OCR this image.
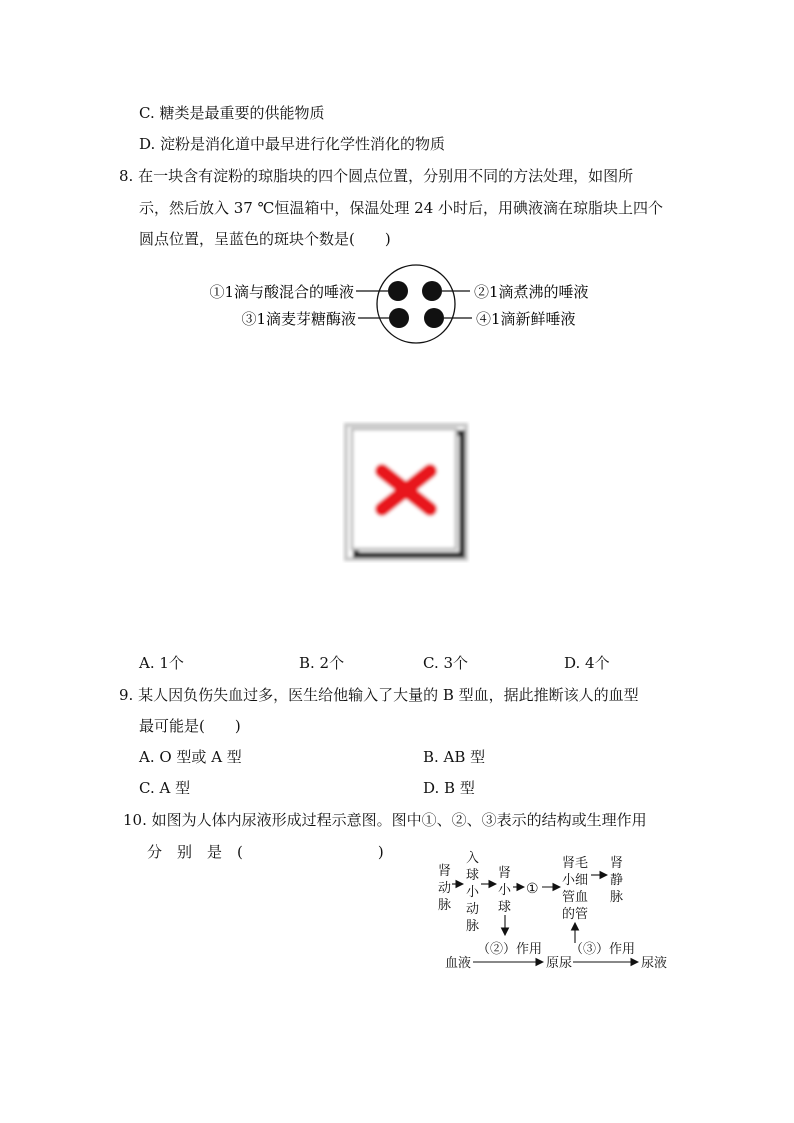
C. 糖类是最重要的供能物质
D. 淀粉是消化道中最早进行化学性消化的物质
8. 在一块含有淀粉的琼脂块的四个圆点位置，分别用不同的方法处理，如图所
示，然后放入 37 ℃恒温箱中，保温处理 24 小时后，用碘液滴在琼脂块上四个
圆点位置，呈蓝色的斑块个数是(　　)
①1滴与酸混合的唾液	②1滴煮沸的唾液
③1滴麦芽糖酶液	④1滴新鲜唾液
A. 1个	B. 2个	C. 3个	D. 4个
9. 某人因负伤失血过多，医生给他输入了大量的 B 型血，据此推断该人的血型
最可能是(　　)
A. O 型或 A 型	B. AB 型
C. A 型	D. B 型
10. 如图为人体内尿液形成过程示意图。图中①、②、③表示的结构或生理作用
分　别　是　(　　　　　　　　　)
肾
动
脉
入
球
小
动
脉
肾
小
球
①
肾毛
小细
管血
的管
肾
静
脉
血液
（②）作用
原尿
（③）作用
尿液
